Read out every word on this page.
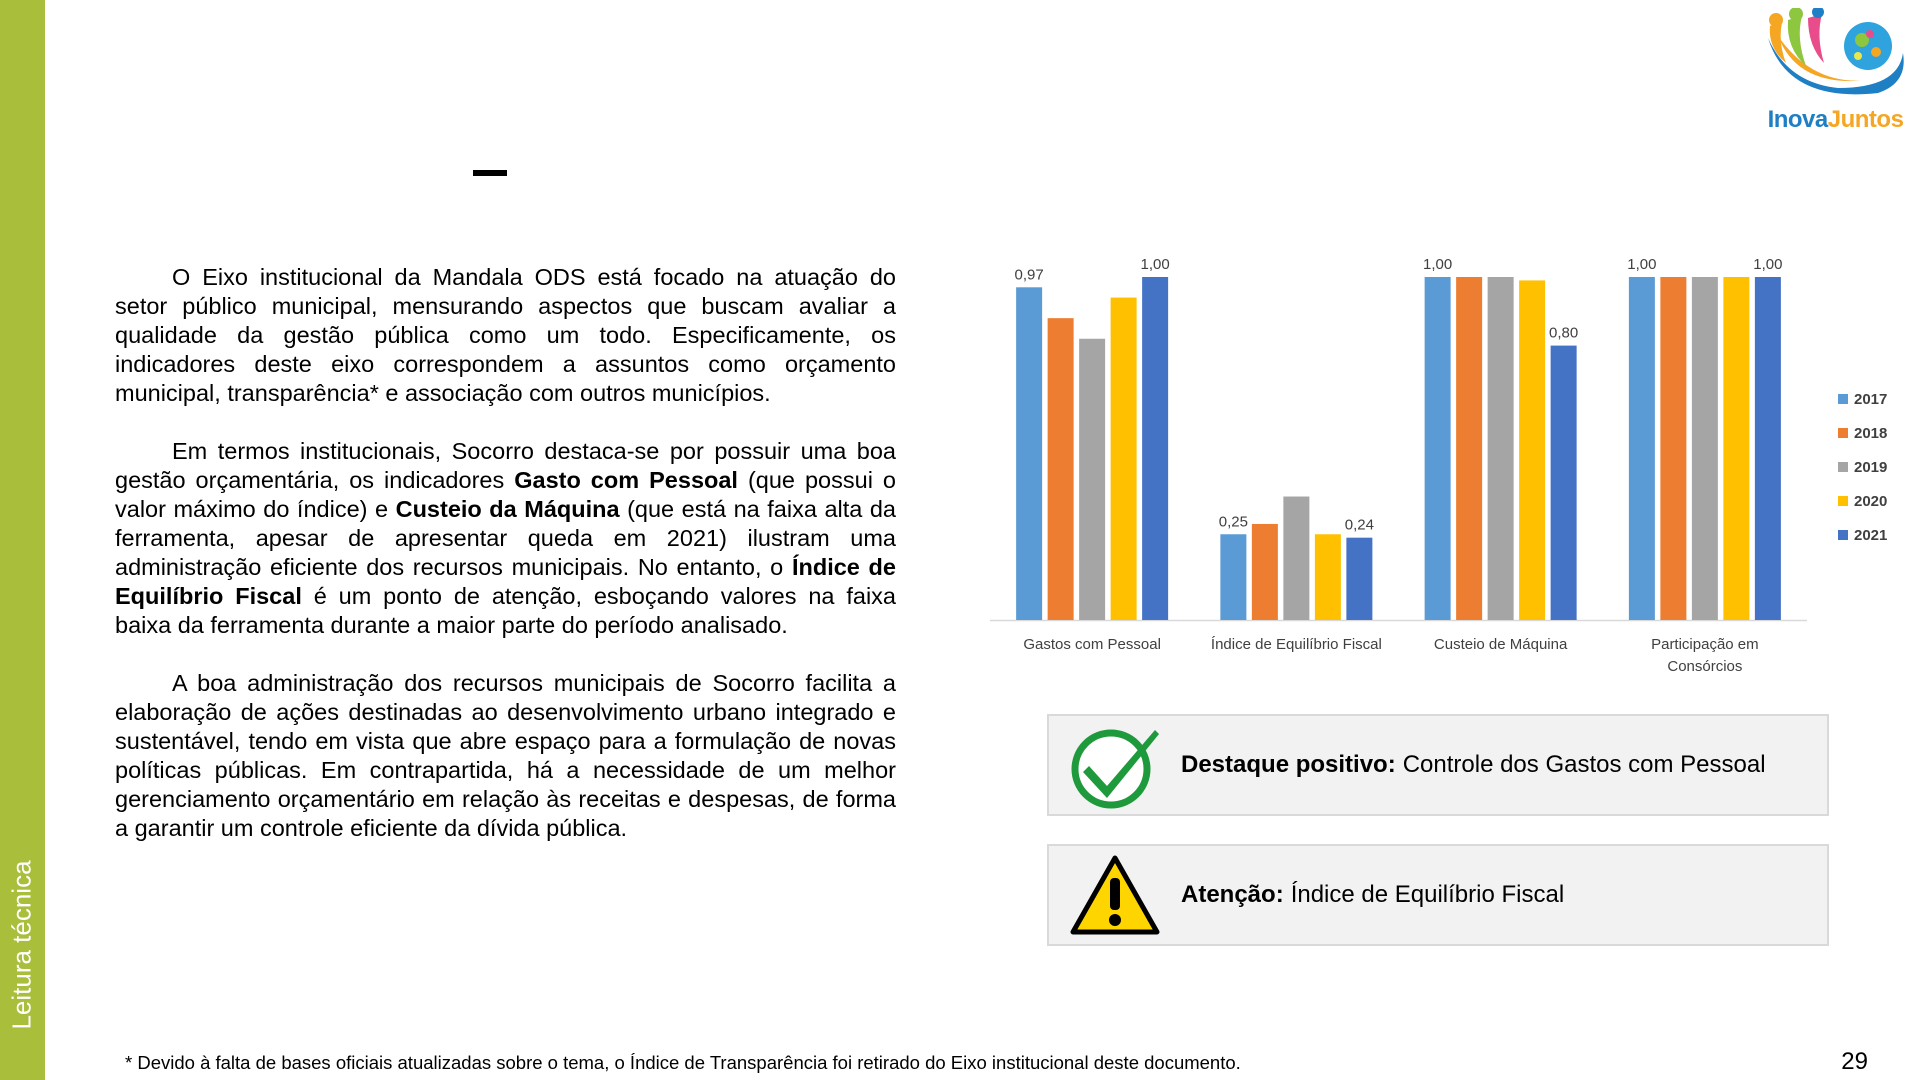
Leitura técnica
InovaJuntos

O Eixo institucional da Mandala ODS está focado na atuação do setor público municipal, mensurando aspectos que buscam avaliar a qualidade da gestão pública como um todo. Especificamente, os indicadores deste eixo correspondem a assuntos como orçamento municipal, transparência* e associação com outros municípios.

Em termos institucionais, Socorro destaca-se por possuir uma boa gestão orçamentária, os indicadores Gasto com Pessoal (que possui o valor máximo do índice) e Custeio da Máquina (que está na faixa alta da ferramenta, apesar de apresentar queda em 2021) ilustram uma administração eficiente dos recursos municipais. No entanto, o Índice de Equilíbrio Fiscal é um ponto de atenção, esboçando valores na faixa baixa da ferramenta durante a maior parte do período analisado.

A boa administração dos recursos municipais de Socorro facilita a elaboração de ações destinadas ao desenvolvimento urbano integrado e sustentável, tendo em vista que abre espaço para a formulação de novas políticas públicas. Em contrapartida, há a necessidade de um melhor gerenciamento orçamentário em relação às receitas e despesas, de forma a garantir um controle eficiente da dívida pública.

Gastos com Pessoal	Índice de Equilíbrio Fiscal	Custeio de Máquina	Participação em
Consórcios
0,97
1,00
0,25	0,24
1,00
0,80
1,00	1,00
2017
2018
2019
2020
2021
Destaque positivo: Controle dos Gastos com Pessoal
Atenção: Índice de Equilíbrio Fiscal
* Devido à falta de bases oficiais atualizadas sobre o tema, o Índice de Transparência foi retirado do Eixo institucional deste documento.	29
